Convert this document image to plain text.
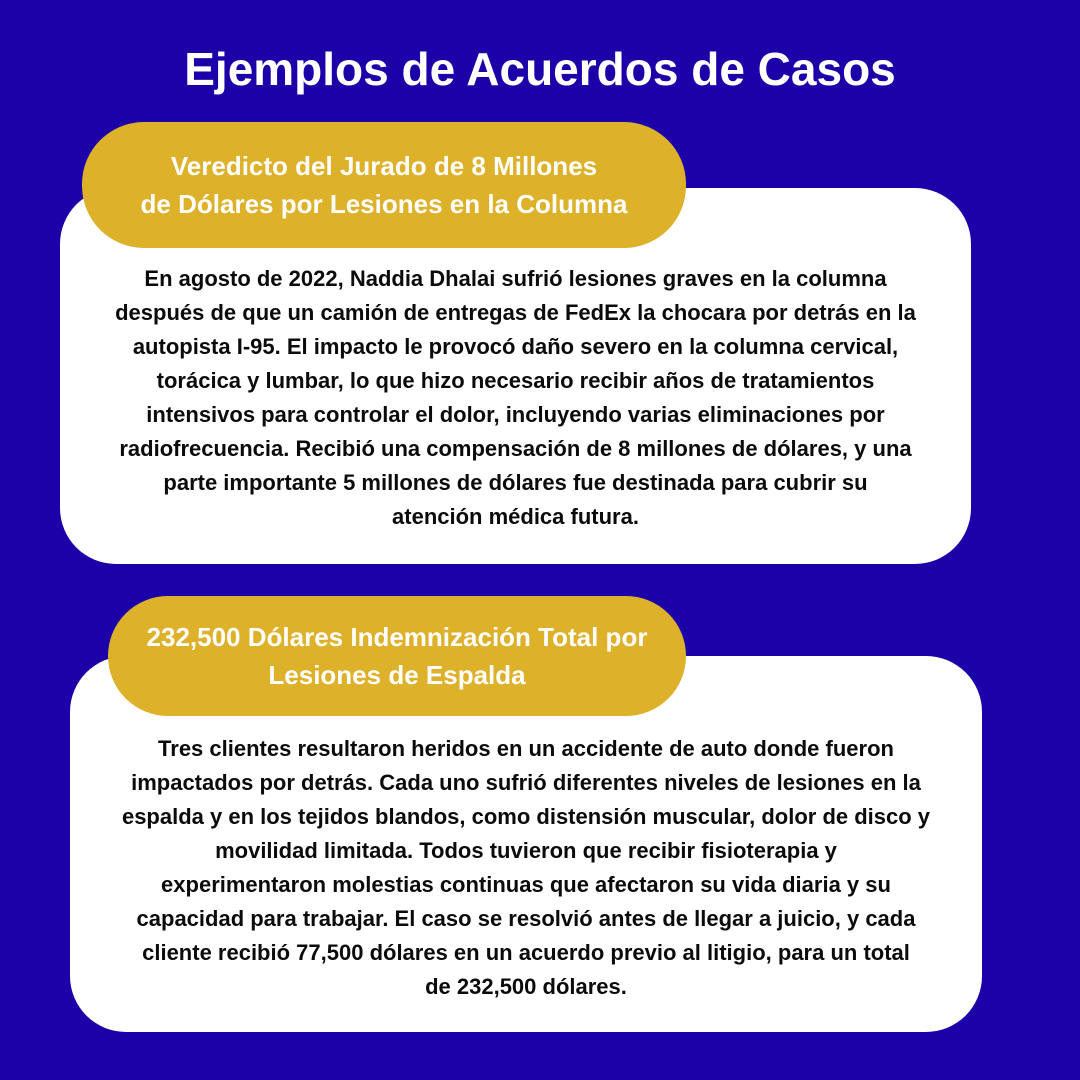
Ejemplos de Acuerdos de Casos

En agosto de 2022, Naddia Dhalai sufrió lesiones graves en la columna
después de que un camión de entregas de FedEx la chocara por detrás en la
autopista I-95. El impacto le provocó daño severo en la columna cervical,
torácica y lumbar, lo que hizo necesario recibir años de tratamientos
intensivos para controlar el dolor, incluyendo varias eliminaciones por
radiofrecuencia. Recibió una compensación de 8 millones de dólares, y una
parte importante 5 millones de dólares fue destinada para cubrir su
atención médica futura.

Veredicto del Jurado de 8 Millones
de Dólares por Lesiones en la Columna

Tres clientes resultaron heridos en un accidente de auto donde fueron
impactados por detrás. Cada uno sufrió diferentes niveles de lesiones en la
espalda y en los tejidos blandos, como distensión muscular, dolor de disco y
movilidad limitada. Todos tuvieron que recibir fisioterapia y
experimentaron molestias continuas que afectaron su vida diaria y su
capacidad para trabajar. El caso se resolvió antes de llegar a juicio, y cada
cliente recibió 77,500 dólares en un acuerdo previo al litigio, para un total
de 232,500 dólares.

232,500 Dólares Indemnización Total por
Lesiones de Espalda
